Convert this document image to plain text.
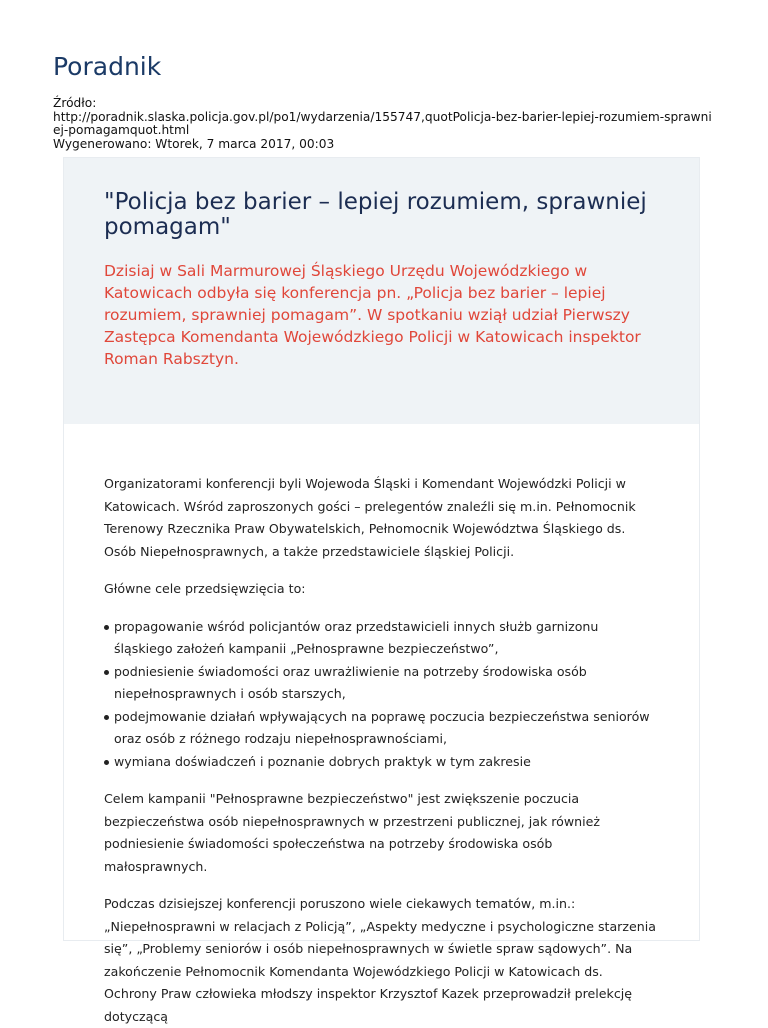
Poradnik
Źródło:
http://poradnik.slaska.policja.gov.pl/po1/wydarzenia/155747,quotPolicja-bez-barier-lepiej-rozumiem-sprawni
ej-pomagamquot.html
Wygenerowano: Wtorek, 7 marca 2017, 00:03
"Policja bez barier – lepiej rozumiem, sprawniej pomagam"

Dzisiaj w Sali Marmurowej Śląskiego Urzędu Wojewódzkiego w Katowicach odbyła się konferencja pn. „Policja bez barier – lepiej rozumiem, sprawniej pomagam”. W spotkaniu wziął udział Pierwszy Zastępca Komendanta Wojewódzkiego Policji w Katowicach inspektor Roman Rabsztyn.

Organizatorami konferencji byli Wojewoda Śląski i Komendant Wojewódzki Policji w Katowicach. Wśród zaproszonych gości – prelegentów znaleźli się m.in. Pełnomocnik Terenowy Rzecznika Praw Obywatelskich, Pełnomocnik Województwa Śląskiego ds. Osób Niepełnosprawnych, a także przedstawiciele śląskiej Policji.

Główne cele przedsięwzięcia to:

propagowanie wśród policjantów oraz przedstawicieli innych służb garnizonu śląskiego założeń kampanii „Pełnosprawne bezpieczeństwo”,
podniesienie świadomości oraz uwrażliwienie na potrzeby środowiska osób niepełnosprawnych i osób starszych,
podejmowanie działań wpływających na poprawę poczucia bezpieczeństwa seniorów oraz osób z różnego rodzaju niepełnosprawnościami,
wymiana doświadczeń i poznanie dobrych praktyk w tym zakresie

Celem kampanii "Pełnosprawne bezpieczeństwo" jest zwiększenie poczucia bezpieczeństwa osób niepełnosprawnych w przestrzeni publicznej, jak również podniesienie świadomości społeczeństwa na potrzeby środowiska osób małosprawnych.

Podczas dzisiejszej konferencji poruszono wiele ciekawych tematów, m.in.: „Niepełnosprawni w relacjach z Policją”, „Aspekty medyczne i psychologiczne starzenia się”, „Problemy seniorów i osób niepełnosprawnych w świetle spraw sądowych”. Na zakończenie Pełnomocnik Komendanta Wojewódzkiego Policji w Katowicach ds. Ochrony Praw człowieka młodszy inspektor Krzysztof Kazek przeprowadził prelekcję dotyczącą
